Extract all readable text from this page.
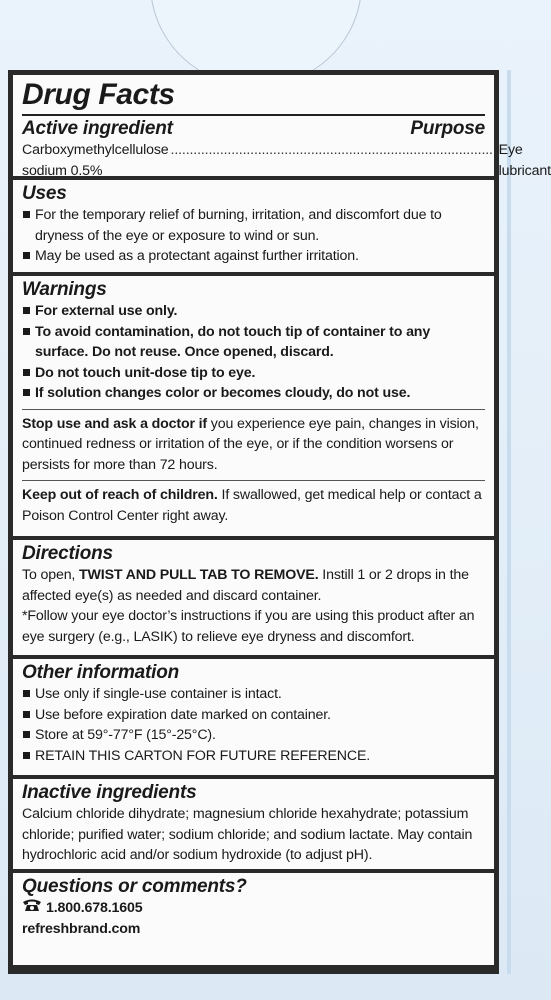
Drug Facts
Active ingredient	Purpose
Carboxymethylcellulose sodium 0.5%
...................................................................................... Eye lubricant
Uses
For the temporary relief of burning, irritation, and discomfort due to dryness of the eye or exposure to wind or sun.
May be used as a protectant against further irritation.
Warnings
For external use only.
To avoid contamination, do not touch tip of container to any surface. Do not reuse. Once opened, discard.
Do not touch unit-dose tip to eye.
If solution changes color or becomes cloudy, do not use.
Stop use and ask a doctor if you experience eye pain, changes in vision, continued redness or irritation of the eye, or if the condition worsens or persists for more than 72 hours.
Keep out of reach of children. If swallowed, get medical help or contact a Poison Control Center right away.
Directions
To open, TWIST AND PULL TAB TO REMOVE. Instill 1 or 2 drops in the affected eye(s) as needed and discard container.
*Follow your eye doctor’s instructions if you are using this product after an eye surgery (e.g., LASIK) to relieve eye dryness and discomfort.
Other information
Use only if single-use container is intact.
Use before expiration date marked on container.
Store at 59°-77°F (15°-25°C).
RETAIN THIS CARTON FOR FUTURE REFERENCE.
Inactive ingredients
Calcium chloride dihydrate; magnesium chloride hexahydrate; potassium chloride; purified water; sodium chloride; and sodium lactate. May contain hydrochloric acid and/or sodium hydroxide (to adjust pH).
Questions or comments?
1.800.678.1605
refreshbrand.com
